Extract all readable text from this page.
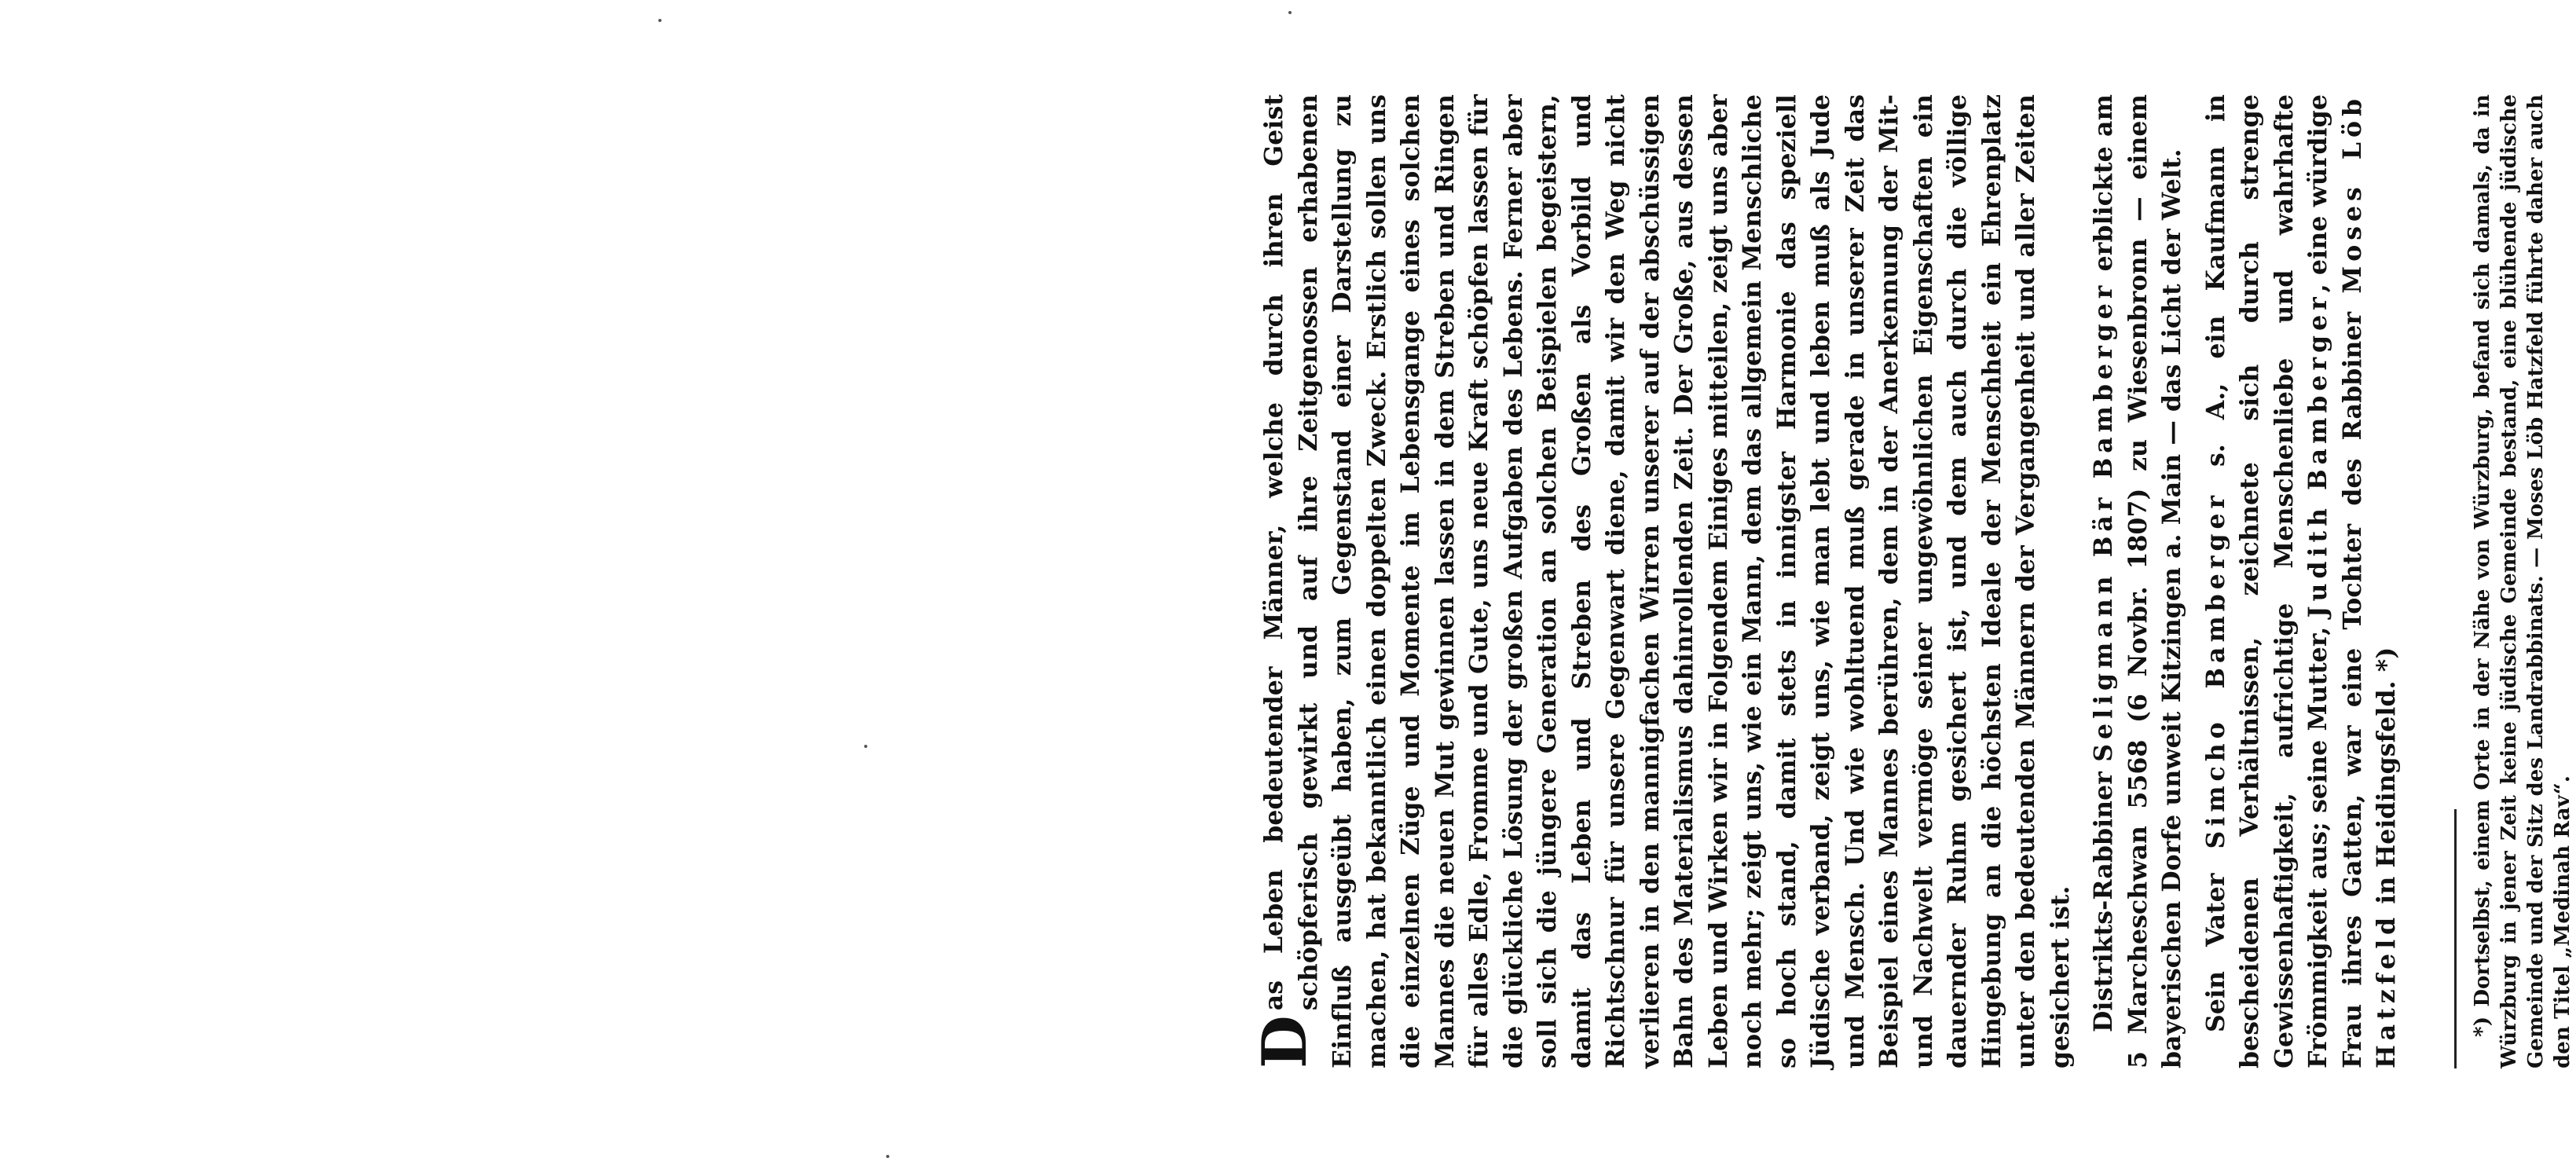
D
as Leben bedeutender Männer, welche durch ihren Geist schöpferisch gewirkt und auf ihre Zeitgenossen erhabenen Einfluß ausgeübt haben, zum Gegenstand einer Darstellung zu machen, hat bekanntlich einen doppelten Zweck. Erstlich sollen uns die einzelnen Züge und Momente im Lebensgange eines solchen Mannes die neuen Mut gewinnen lassen in dem Streben und Ringen für alles Edle, Fromme und Gute, uns neue Kraft schöpfen lassen für die glückliche Lösung der großen Aufgaben des Lebens. Ferner aber soll sich die jüngere Generation an solchen Beispielen begeistern, damit das Leben und Streben des Großen als Vorbild und Richtschnur für unsere Gegenwart diene, damit wir den Weg nicht verlieren in den mannigfachen Wirren unserer auf der abschüssigen Bahn des Materialismus dahinrollenden Zeit. Der Große, aus dessen Leben und Wirken wir in Folgendem Einiges mitteilen, zeigt uns aber noch mehr; zeigt uns, wie ein Mann, dem das allgemein Menschliche so hoch stand, damit stets in innigster Harmonie das speziell Jüdische verband, zeigt uns, wie man lebt und leben muß als Jude und Mensch. Und wie wohltuend muß gerade in unserer Zeit das Beispiel eines Mannes berühren, dem in der Anerkennung der Mit- und Nachwelt vermöge seiner ungewöhnlichen Eigenschaften ein dauernder Ruhm gesichert ist, und dem auch durch die völlige Hingebung an die höchsten Ideale der Menschheit ein Ehrenplatz unter den bedeutenden Männern der Vergangenheit und aller Zeiten gesichert ist. Distrikts-Rabbiner Seligmann Bär Bamberger erblickte am 5 Marcheschwan 5568 (6 Novbr. 1807) zu Wiesenbronn — einem bayerischen Dorfe unweit Kitzingen a. Main — das Licht der Welt. Sein Vater Simcho Bamberger s. A., ein Kaufmann in bescheidenen Verhältnissen, zeichnete sich durch strenge Gewissenhaftigkeit, aufrichtige Menschenliebe und wahrhafte Frömmigkeit aus; seine Mutter, Judith Bamberger, eine würdige Frau ihres Gatten, war eine Tochter des Rabbiner Moses Löb Hatzfeld in Heidingsfeld. *)	*) Dortselbst, einem Orte in der Nähe von Würzburg, befand sich damals, da in Würzburg in jener Zeit keine jüdische Gemeinde bestand, eine blühende jüdische Gemeinde und der Sitz des Landrabbinats. — Moses Löb Hatzfeld führte daher auch den Titel „Medinah Rav“.
